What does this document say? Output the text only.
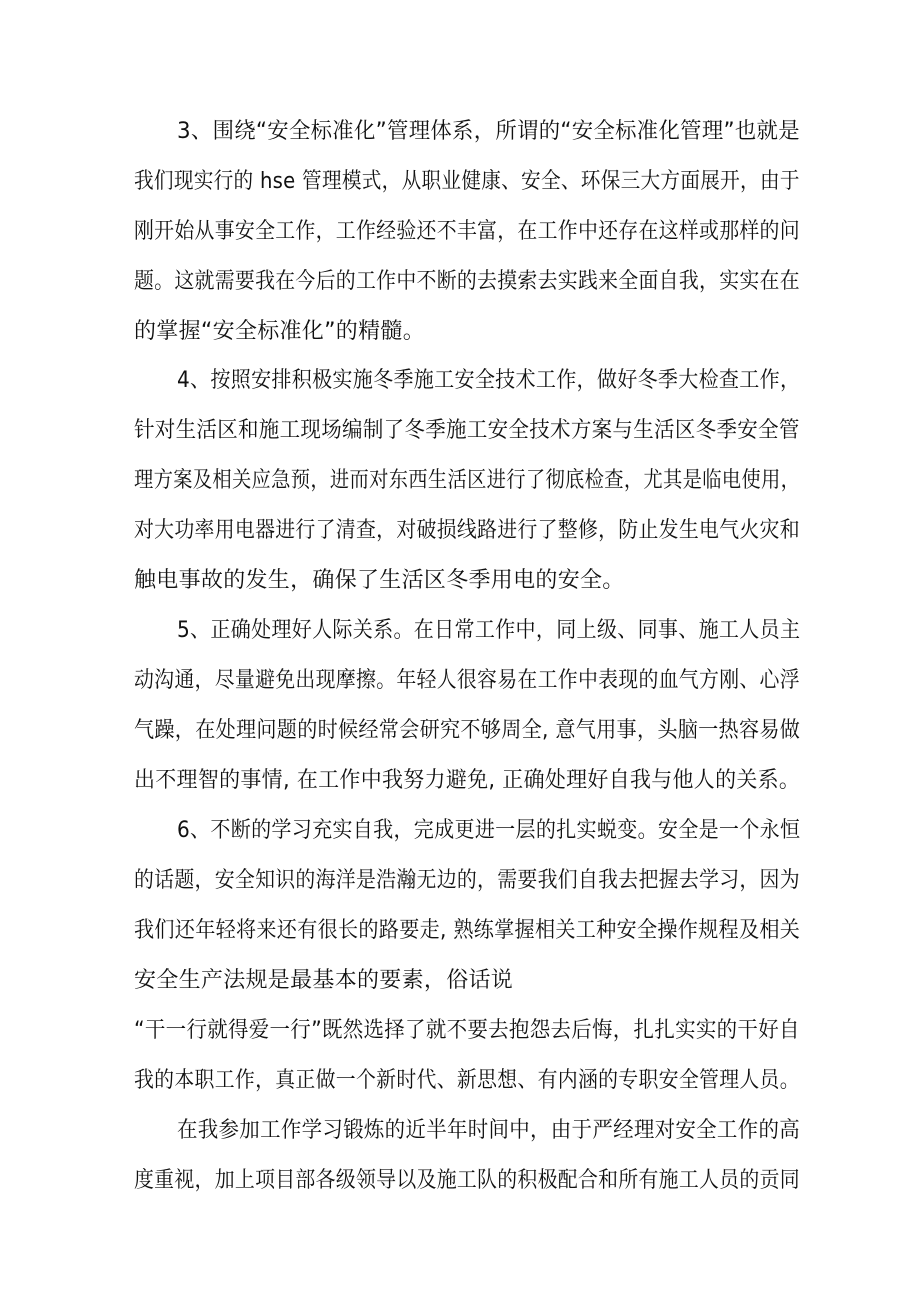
3、围绕“安全标准化”管理体系，所谓的“安全标准化管理”也就是
我们现实行的 hse 管理模式，从职业健康、安全、环保三大方面展开，由于
刚开始从事安全工作，工作经验还不丰富，在工作中还存在这样或那样的问
题。这就需要我在今后的工作中不断的去摸索去实践来全面自我，实实在在
的掌握“安全标准化”的精髓。
4、按照安排积极实施冬季施工安全技术工作，做好冬季大检查工作，
针对生活区和施工现场编制了冬季施工安全技术方案与生活区冬季安全管
理方案及相关应急预，进而对东西生活区进行了彻底检查，尤其是临电使用，
对大功率用电器进行了清查，对破损线路进行了整修，防止发生电气火灾和
触电事故的发生，确保了生活区冬季用电的安全。
5、正确处理好人际关系。在日常工作中，同上级、同事、施工人员主
动沟通，尽量避免出现摩擦。年轻人很容易在工作中表现的血气方刚、心浮
气躁，在处理问题的时候经常会研究不够周全, 意气用事，头脑一热容易做
出不理智的事情, 在工作中我努力避免, 正确处理好自我与他人的关系。
6、不断的学习充实自我，完成更进一层的扎实蜕变。安全是一个永恒
的话题，安全知识的海洋是浩瀚无边的，需要我们自我去把握去学习，因为
我们还年轻将来还有很长的路要走, 熟练掌握相关工种安全操作规程及相关
安全生产法规是最基本的要素，俗话说
“干一行就得爱一行”既然选择了就不要去抱怨去后悔，扎扎实实的干好自
我的本职工作，真正做一个新时代、新思想、有内涵的专职安全管理人员。
在我参加工作学习锻炼的近半年时间中，由于严经理对安全工作的高
度重视，加上项目部各级领导以及施工队的积极配合和所有施工人员的贡同
